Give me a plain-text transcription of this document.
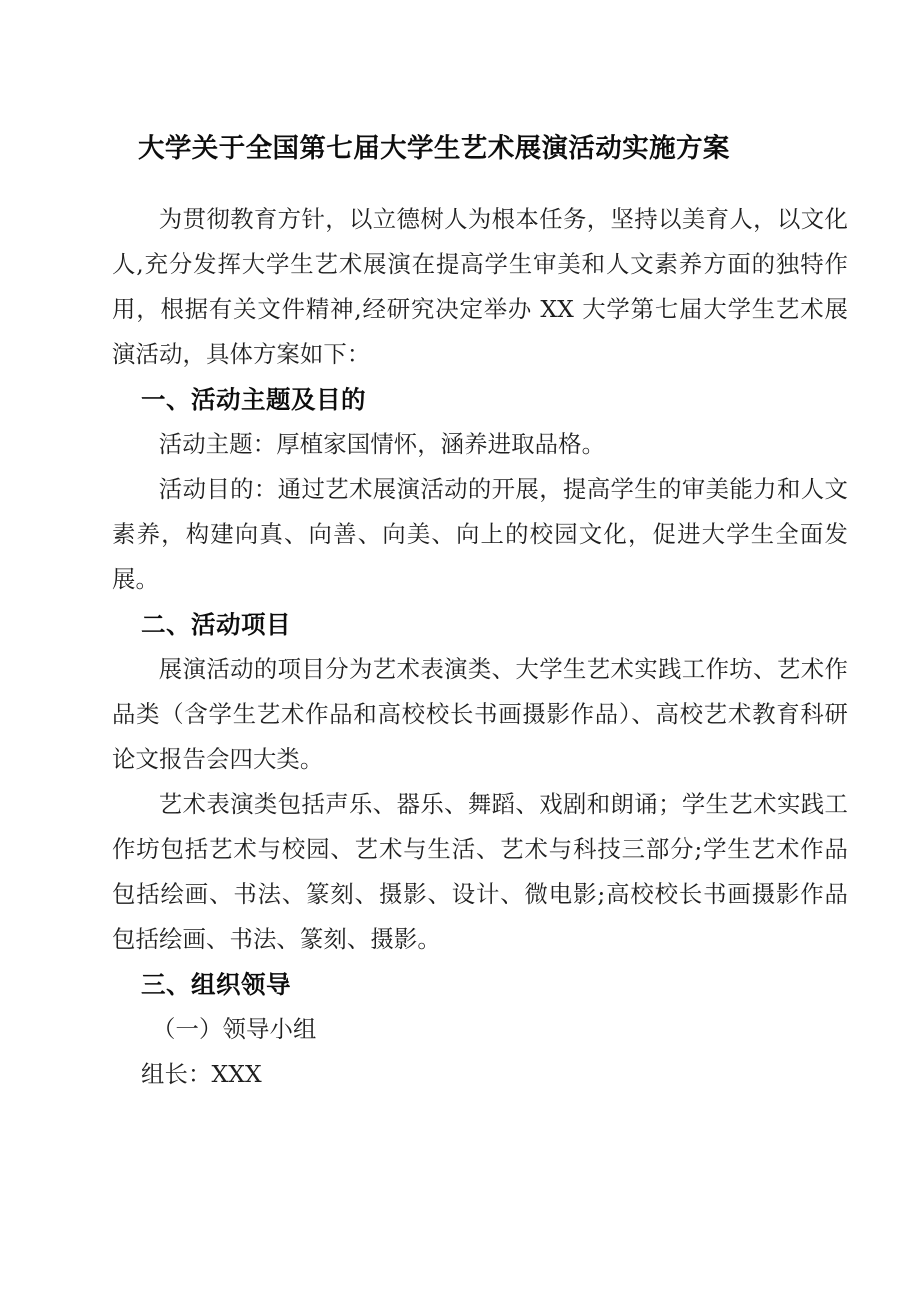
大学关于全国第七届大学生艺术展演活动实施方案

为贯彻教育方针，以立德树人为根本任务，坚持以美育人，以文化人,充分发挥大学生艺术展演在提高学生审美和人文素养方面的独特作用，根据有关文件精神,经研究决定举办 XX 大学第七届大学生艺术展演活动，具体方案如下：

一、活动主题及目的

活动主题：厚植家国情怀，涵养进取品格。

活动目的：通过艺术展演活动的开展，提高学生的审美能力和人文素养，构建向真、向善、向美、向上的校园文化，促进大学生全面发展。

二、活动项目

展演活动的项目分为艺术表演类、大学生艺术实践工作坊、艺术作品类（含学生艺术作品和高校校长书画摄影作品）、高校艺术教育科研论文报告会四大类。

艺术表演类包括声乐、器乐、舞蹈、戏剧和朗诵；学生艺术实践工作坊包括艺术与校园、艺术与生活、艺术与科技三部分;学生艺术作品包括绘画、书法、篆刻、摄影、设计、微电影;高校校长书画摄影作品包括绘画、书法、篆刻、摄影。

三、组织领导

（一）领导小组

组长：XXX
